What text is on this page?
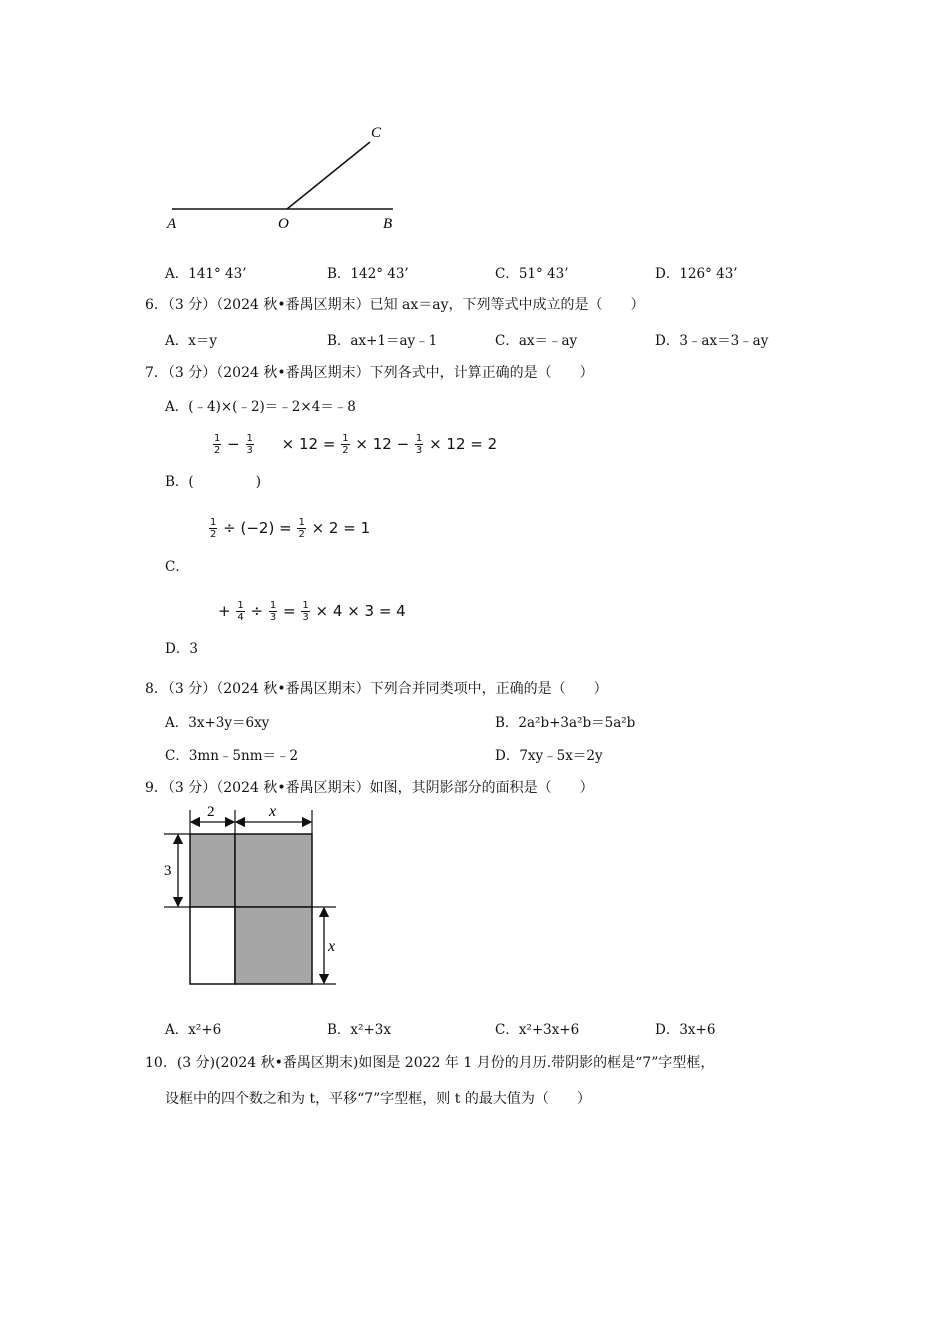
C
A	O	B
A．141° 43’	B．142° 43’	C．51° 43’	D．126° 43’
6．（3 分）（2024 秋•番禺区期末）已知 ax＝ay，下列等式中成立的是（　　）
A．x＝y	B．ax+1＝ay﹣1	C．ax＝﹣ay	D．3﹣ax＝3﹣ay
7．（3 分）（2024 秋•番禺区期末）下列各式中，计算正确的是（　　）
A．(﹣4)×(﹣2)＝﹣2×4＝﹣8
$\frac{1}{2} - \frac{1}{3} \times 12 = \frac{1}{2} \times 12 - \frac{1}{3} \times 12 = 2$
B．(	)
$\frac{1}{2} \div (-2) = \frac{1}{2} \times 2 = 1$
C．
+ $\frac{1}{4} \div \frac{1}{3} = \frac{1}{3} \times 4 \times 3 = 4$
D．3
8．（3 分）（2024 秋•番禺区期末）下列合并同类项中，正确的是（　　）
A．3x+3y＝6xy	B．2a²b+3a²b＝5a²b
C．3mn﹣5nm＝﹣2	D．7xy﹣5x＝2y
9．（3 分）（2024 秋•番禺区期末）如图，其阴影部分的面积是（　　）
2	x
3
x
A．x²+6	B．x²+3x	C．x²+3x+6	D．3x+6
10．(3 分)(2024 秋•番禺区期末)如图是 2022 年 1 月份的月历.带阴影的框是“7”字型框，
设框中的四个数之和为 t，平移“7”字型框，则 t 的最大值为（　　）
